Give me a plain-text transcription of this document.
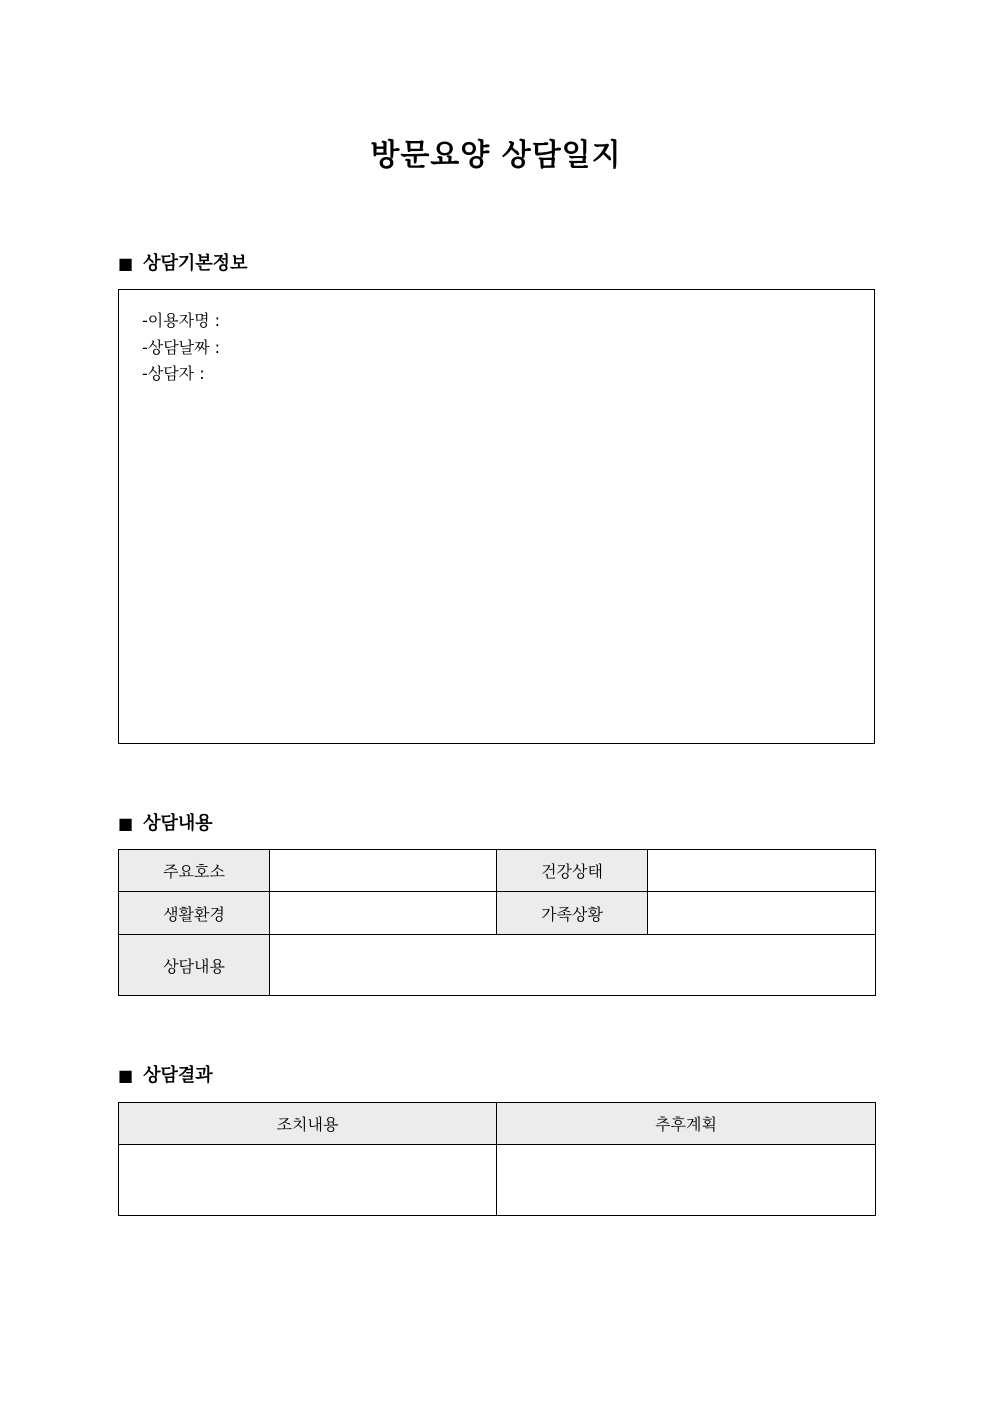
방문요양 상담일지
■ 상담기본정보
-이용자명 :
-상담날짜 :
-상담자 :
■ 상담내용
주요호소		건강상태	
생활환경		가족상황	
상담내용			
■ 상담결과
조치내용	추후계획
